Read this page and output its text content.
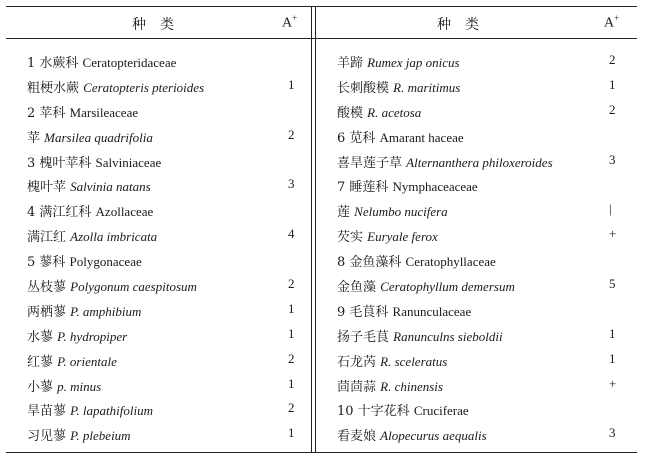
种类	A+
1 水蕨科 Ceratopteridaceae
粗梗水蕨 Ceratopteris pterioides	1
2 苹科 Marsileaceae
苹 Marsilea quadrifolia	2
3 槐叶苹科 Salviniaceae
槐叶苹 Salvinia natans	3
4 满江红科 Azollaceae
满江红 Azolla imbricata	4
5 蓼科 Polygonaceae
丛枝蓼 Polygonum caespitosum	2
两栖蓼 P. amphibium	1
水蓼 P. hydropiper	1
红蓼 P. orientale	2
小蓼 p. minus	1
旱苗蓼 P. lapathifolium	2
习见蓼 P. plebeium	1
种类	A+
羊蹄 Rumex jap onicus	2
长刺酸模 R. maritimus	1
酸模 R. acetosa	2
6 苋科 Amarant haceae
喜旱莲子草 Alternanthera philoxeroides	3
7 睡莲科 Nymphaceaceae
莲 Nelumbo nucifera	|
芡实 Euryale ferox	+
8 金鱼藻科 Ceratophyllaceae
金鱼藻 Ceratophyllum demersum	5
9 毛茛科 Ranunculaceae
扬子毛茛 Ranunculns sieboldii	1
石龙芮 R. sceleratus	1
茴茴蒜 R. chinensis	+
10 十字花科 Cruciferae
看麦娘 Alopecurus aequalis	3
